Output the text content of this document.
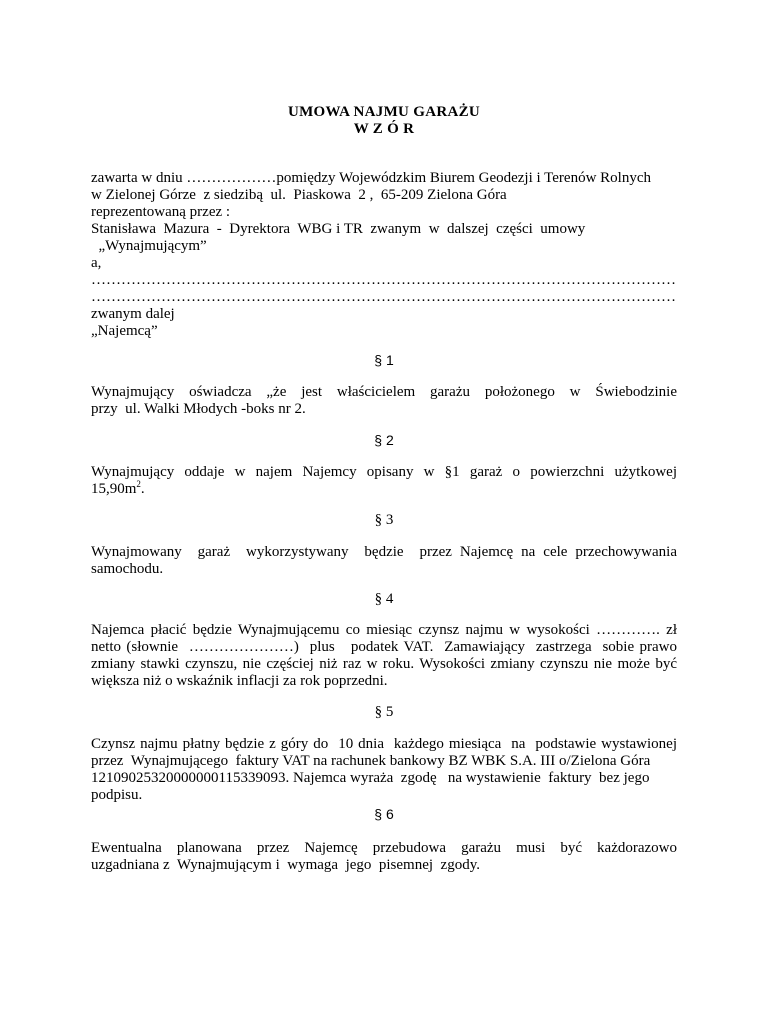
UMOWA NAJMU GARAŻU
W Z Ó R
zawarta w dniu ………………pomiędzy Wojewódzkim Biurem Geodezji i Terenów Rolnych
w Zielonej Górze  z siedzibą  ul.  Piaskowa  2 ,  65-209 Zielona Góra
reprezentowaną przez :
Stanisława  Mazura  -  Dyrektora  WBG i TR  zwanym  w  dalszej  części  umowy
„Wynajmującym”
a,
………………………………………………………………………………………………………
………………………………………………………………………………………………………
zwanym dalej
„Najemcą”
§ 1
Wynajmujący  oświadcza  „że  jest  właścicielem  garażu  położonego  w  Świebodzinie
przy  ul. Walki Młodych -boks nr 2.
§ 2
Wynajmujący  oddaje  w  najem  Najemcy  opisany  w  §1  garaż  o  powierzchni  użytkowej
$15,90m^2$.
§ 3
Wynajmowany  garaż  wykorzystywany  będzie  przez Najemcę na cele przechowywania
samochodu.
§ 4
Najemca płacić będzie Wynajmującemu co miesiąc czynsz najmu w wysokości …………. zł
netto (słownie  …………………)  plus   podatek VAT.  Zamawiający  zastrzega  sobie prawo
zmiany stawki czynszu, nie częściej niż raz w roku. Wysokości zmiany czynszu nie może być
większa niż o wskaźnik inflacji za rok poprzedni.
§ 5
Czynsz najmu płatny będzie z góry do  10 dnia  każdego miesiąca  na  podstawie wystawionej
przez  Wynajmującego  faktury VAT na rachunek bankowy BZ WBK S.A. III o/Zielona Góra
12109025320000000115339093. Najemca wyraża  zgodę   na wystawienie  faktury  bez jego
podpisu.
§ 6
Ewentualna  planowana  przez  Najemcę  przebudowa  garażu  musi  być  każdorazowo
uzgadniana z  Wynajmującym i  wymaga  jego  pisemnej  zgody.
